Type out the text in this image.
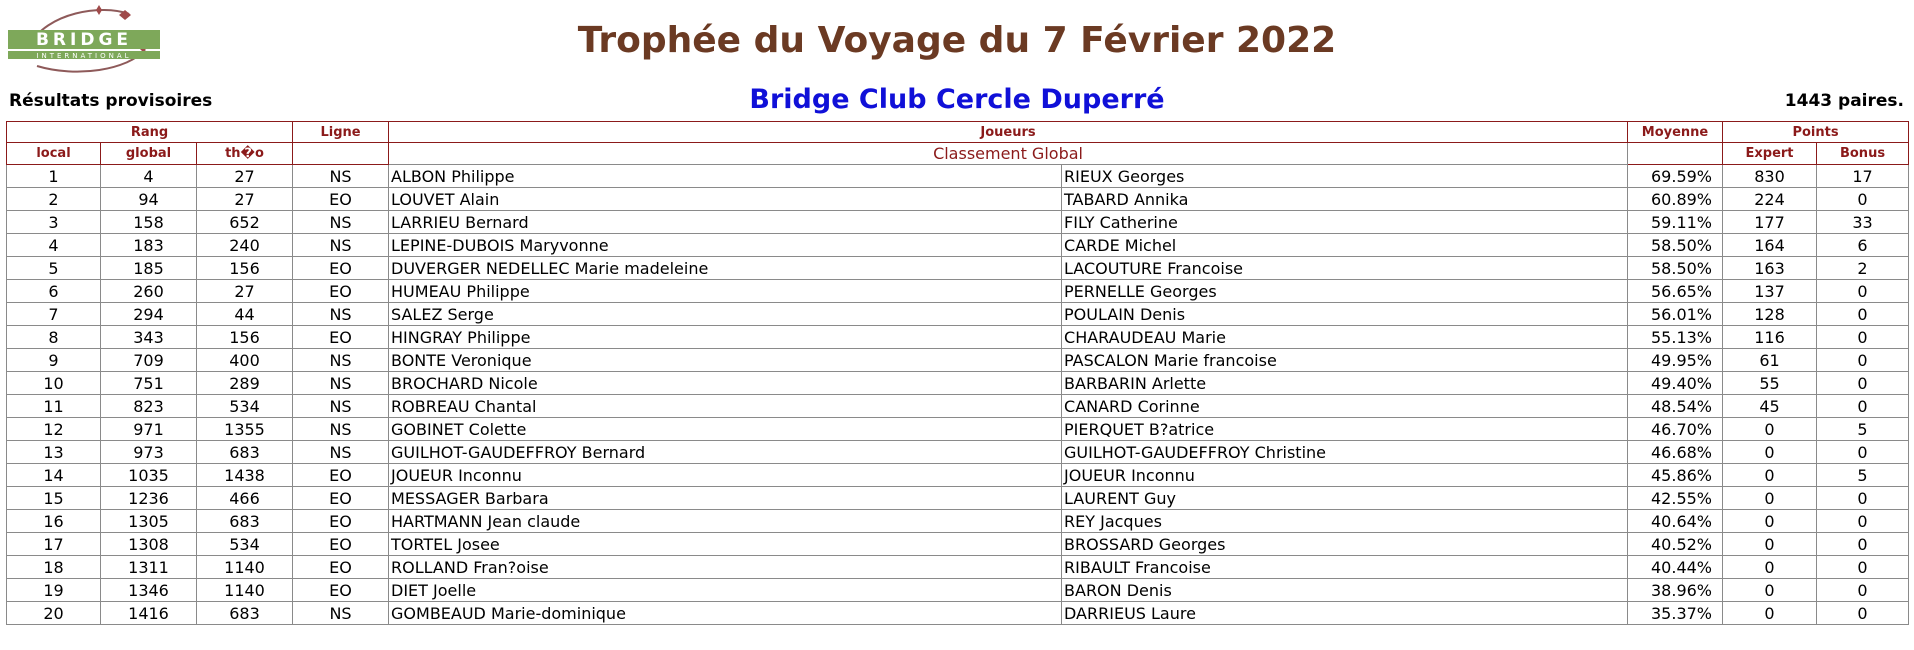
BRIDGE
INTERNATIONAL	Trophée du Voyage du 7 Février 2022
Résultats provisoires	Bridge Club Cercle Duperré	1443 paires.
Rang			Ligne	Joueurs		Moyenne	Points	
local	global	th�o		Classement Global			Expert	Bonus
1	4	27	NS	ALBON Philippe	RIEUX Georges	69.59%	830	17
2	94	27	EO	LOUVET Alain	TABARD Annika	60.89%	224	0
3	158	652	NS	LARRIEU Bernard	FILY Catherine	59.11%	177	33
4	183	240	NS	LEPINE-DUBOIS Maryvonne	CARDE Michel	58.50%	164	6
5	185	156	EO	DUVERGER NEDELLEC Marie madeleine	LACOUTURE Francoise	58.50%	163	2
6	260	27	EO	HUMEAU Philippe	PERNELLE Georges	56.65%	137	0
7	294	44	NS	SALEZ Serge	POULAIN Denis	56.01%	128	0
8	343	156	EO	HINGRAY Philippe	CHARAUDEAU Marie	55.13%	116	0
9	709	400	NS	BONTE Veronique	PASCALON Marie francoise	49.95%	61	0
10	751	289	NS	BROCHARD Nicole	BARBARIN Arlette	49.40%	55	0
11	823	534	NS	ROBREAU Chantal	CANARD Corinne	48.54%	45	0
12	971	1355	NS	GOBINET Colette	PIERQUET B?atrice	46.70%	0	5
13	973	683	NS	GUILHOT-GAUDEFFROY Bernard	GUILHOT-GAUDEFFROY Christine	46.68%	0	0
14	1035	1438	EO	JOUEUR Inconnu	JOUEUR Inconnu	45.86%	0	5
15	1236	466	EO	MESSAGER Barbara	LAURENT Guy	42.55%	0	0
16	1305	683	EO	HARTMANN Jean claude	REY Jacques	40.64%	0	0
17	1308	534	EO	TORTEL Josee	BROSSARD Georges	40.52%	0	0
18	1311	1140	EO	ROLLAND Fran?oise	RIBAULT Francoise	40.44%	0	0
19	1346	1140	EO	DIET Joelle	BARON Denis	38.96%	0	0
20	1416	683	NS	GOMBEAUD Marie-dominique	DARRIEUS Laure	35.37%	0	0
